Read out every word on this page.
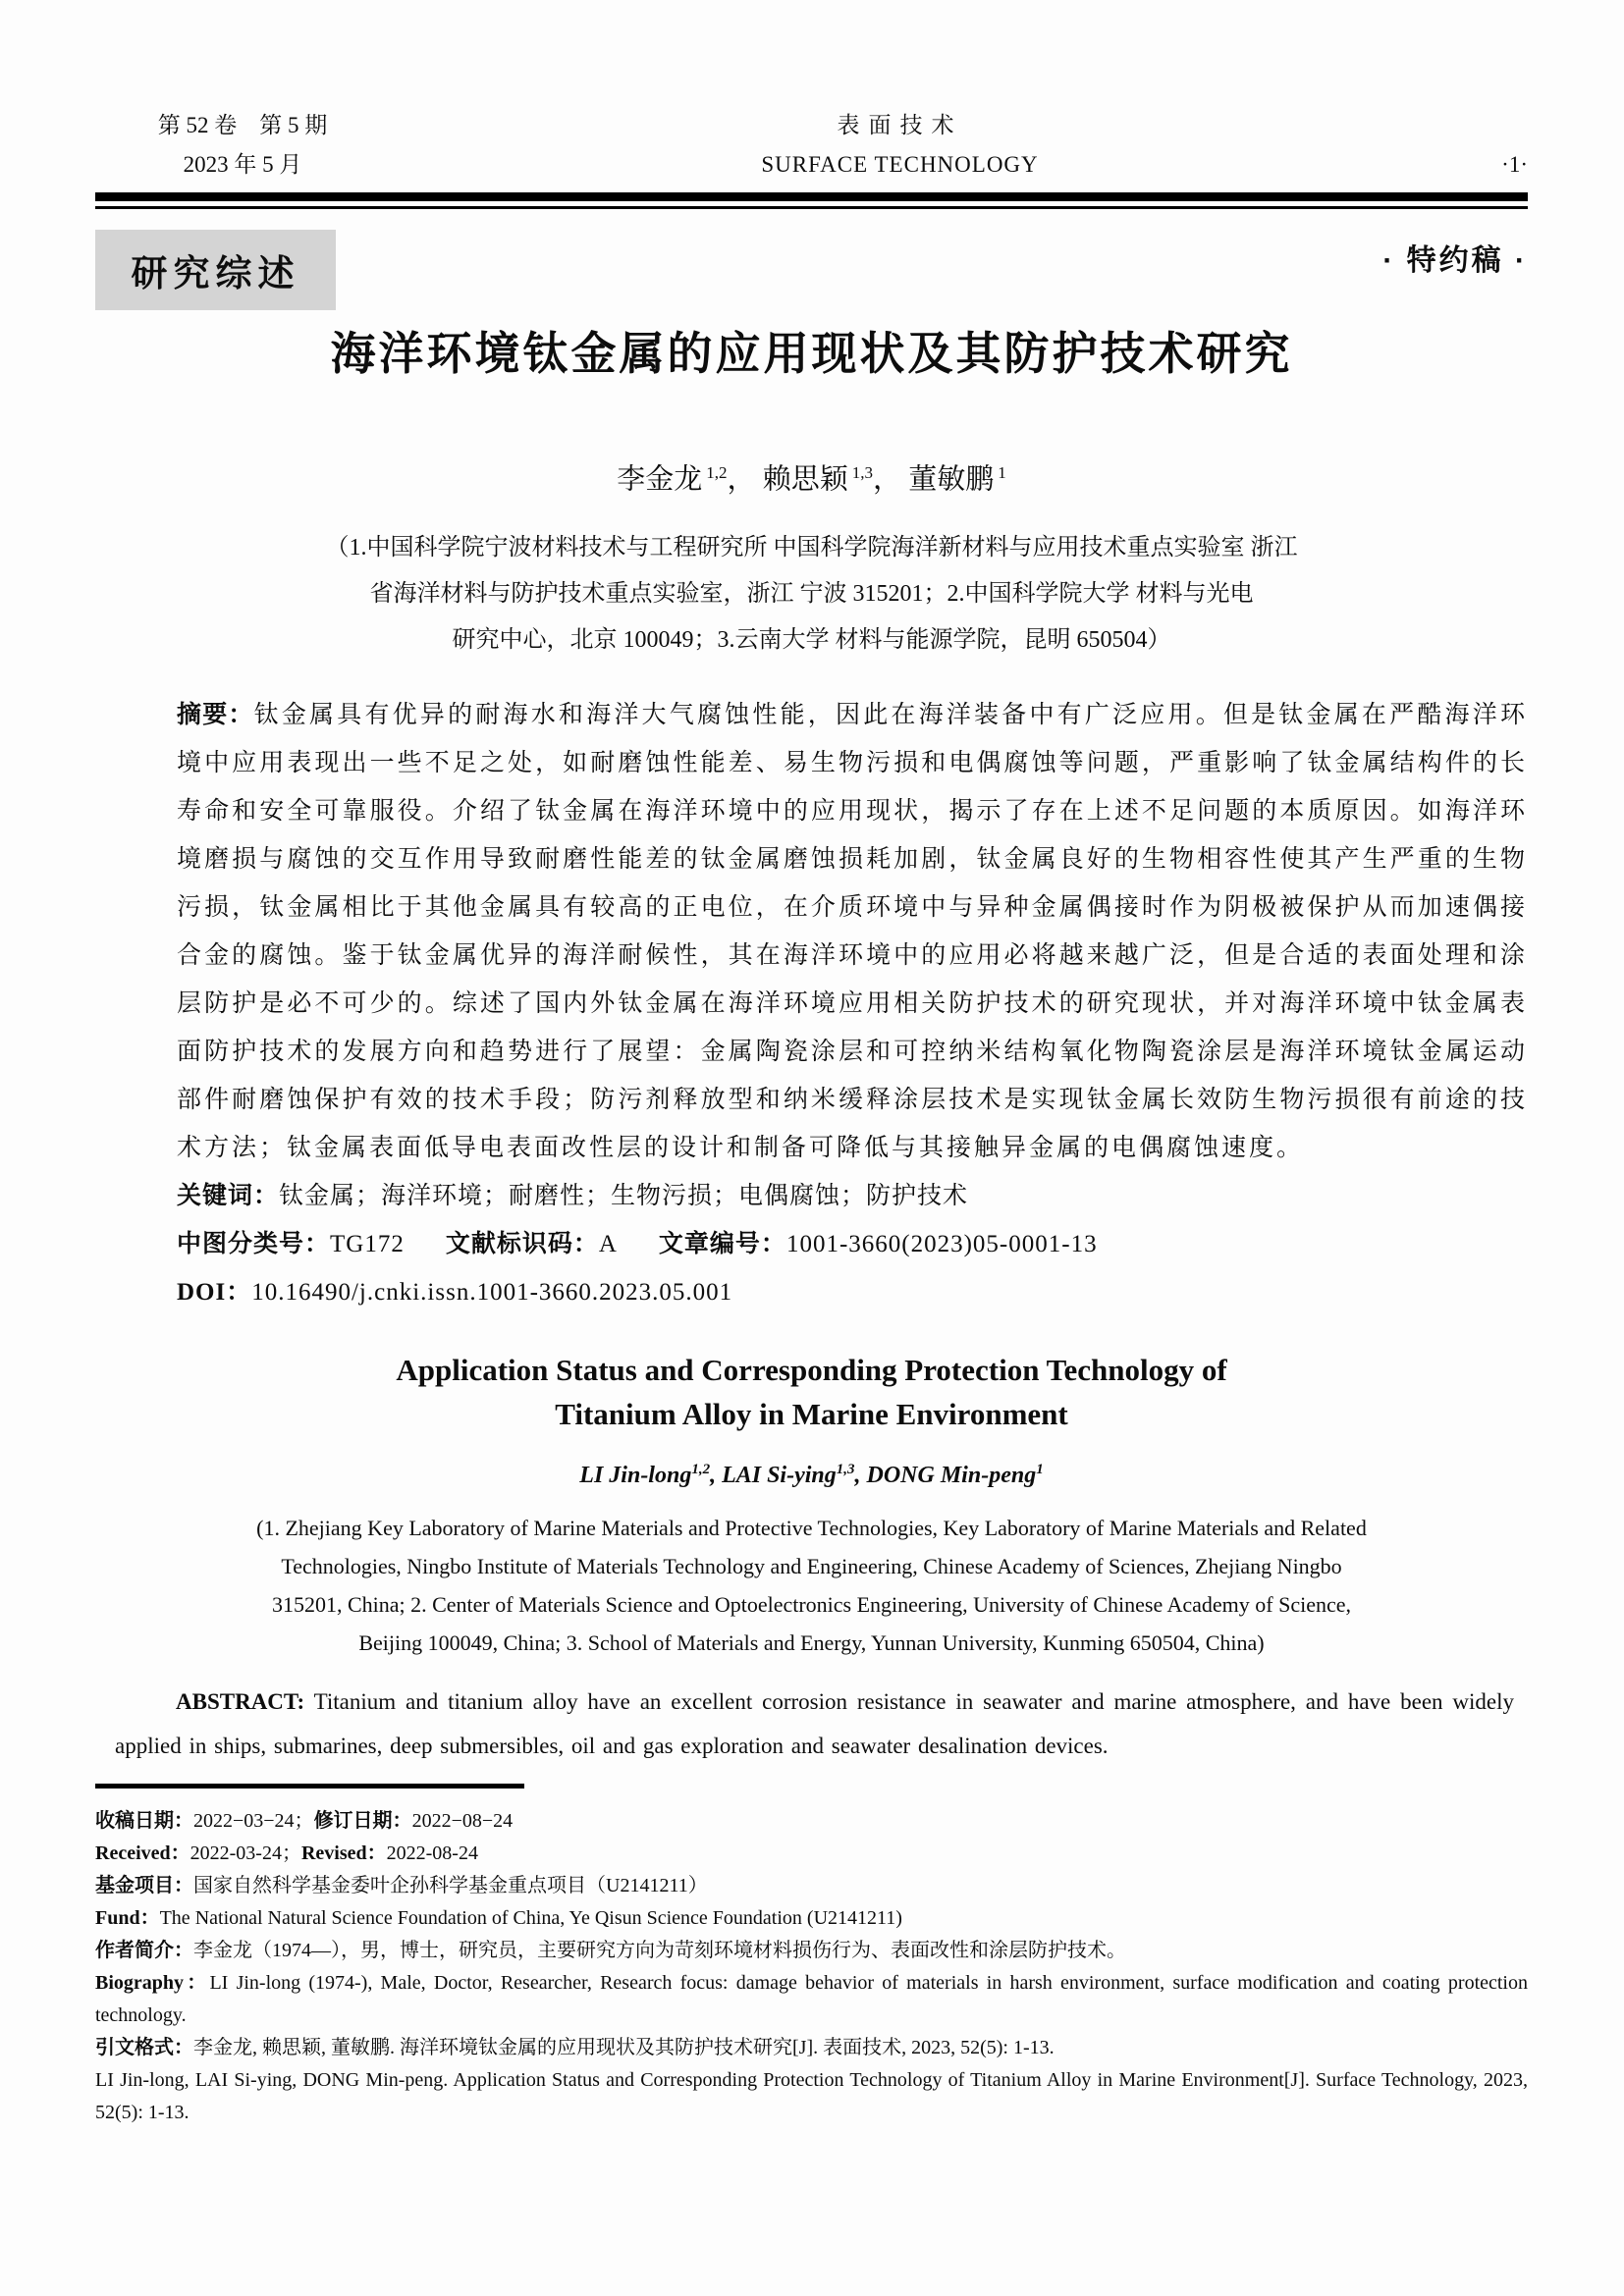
第 52 卷　第 5 期
2023 年 5 月
表面技术
SURFACE TECHNOLOGY	·1·
研究综述	· 特约稿 ·
海洋环境钛金属的应用现状及其防护技术研究
李金龙 $^{1,2}$， 赖思颖 $^{1,3}$， 董敏鹏 $^1$
（1.中国科学院宁波材料技术与工程研究所 中国科学院海洋新材料与应用技术重点实验室 浙江
省海洋材料与防护技术重点实验室，浙江 宁波 315201；2.中国科学院大学 材料与光电
研究中心，北京 100049；3.云南大学 材料与能源学院，昆明 650504）
摘要：钛金属具有优异的耐海水和海洋大气腐蚀性能，因此在海洋装备中有广泛应用。但是钛金属在严酷海洋环境中应用表现出一些不足之处，如耐磨蚀性能差、易生物污损和电偶腐蚀等问题，严重影响了钛金属结构件的长寿命和安全可靠服役。介绍了钛金属在海洋环境中的应用现状，揭示了存在上述不足问题的本质原因。如海洋环境磨损与腐蚀的交互作用导致耐磨性能差的钛金属磨蚀损耗加剧，钛金属良好的生物相容性使其产生严重的生物污损，钛金属相比于其他金属具有较高的正电位，在介质环境中与异种金属偶接时作为阴极被保护从而加速偶接合金的腐蚀。鉴于钛金属优异的海洋耐候性，其在海洋环境中的应用必将越来越广泛，但是合适的表面处理和涂层防护是必不可少的。综述了国内外钛金属在海洋环境应用相关防护技术的研究现状，并对海洋环境中钛金属表面防护技术的发展方向和趋势进行了展望：金属陶瓷涂层和可控纳米结构氧化物陶瓷涂层是海洋环境钛金属运动部件耐磨蚀保护有效的技术手段；防污剂释放型和纳米缓释涂层技术是实现钛金属长效防生物污损很有前途的技术方法；钛金属表面低导电表面改性层的设计和制备可降低与其接触异金属的电偶腐蚀速度。
关键词：钛金属；海洋环境；耐磨性；生物污损；电偶腐蚀；防护技术
中图分类号：TG172 文献标识码：A 文章编号：1001-3660(2023)05-0001-13
DOI：10.16490/j.cnki.issn.1001-3660.2023.05.001
Application Status and Corresponding Protection Technology of
Titanium Alloy in Marine Environment
LI Jin-long$^{1,2}$, LAI Si-ying$^{1,3}$, DONG Min-peng$^1$
(1. Zhejiang Key Laboratory of Marine Materials and Protective Technologies, Key Laboratory of Marine Materials and Related
Technologies, Ningbo Institute of Materials Technology and Engineering, Chinese Academy of Sciences, Zhejiang Ningbo
315201, China; 2. Center of Materials Science and Optoelectronics Engineering, University of Chinese Academy of Science,
Beijing 100049, China; 3. School of Materials and Energy, Yunnan University, Kunming 650504, China)

ABSTRACT: Titanium and titanium alloy have an excellent corrosion resistance in seawater and marine atmosphere, and have been widely applied in ships, submarines, deep submersibles, oil and gas exploration and seawater desalination devices.

收稿日期：2022−03−24；修订日期：2022−08−24

Received：2022-03-24；Revised：2022-08-24

基金项目：国家自然科学基金委叶企孙科学基金重点项目（U2141211）

Fund：The National Natural Science Foundation of China, Ye Qisun Science Foundation (U2141211)

作者简介：李金龙（1974—），男，博士，研究员，主要研究方向为苛刻环境材料损伤行为、表面改性和涂层防护技术。

Biography：LI Jin-long (1974-), Male, Doctor, Researcher, Research focus: damage behavior of materials in harsh environment, surface modification and coating protection technology.

引文格式：李金龙, 赖思颖, 董敏鹏. 海洋环境钛金属的应用现状及其防护技术研究[J]. 表面技术, 2023, 52(5): 1-13.

LI Jin-long, LAI Si-ying, DONG Min-peng. Application Status and Corresponding Protection Technology of Titanium Alloy in Marine Environment[J]. Surface Technology, 2023, 52(5): 1-13.
